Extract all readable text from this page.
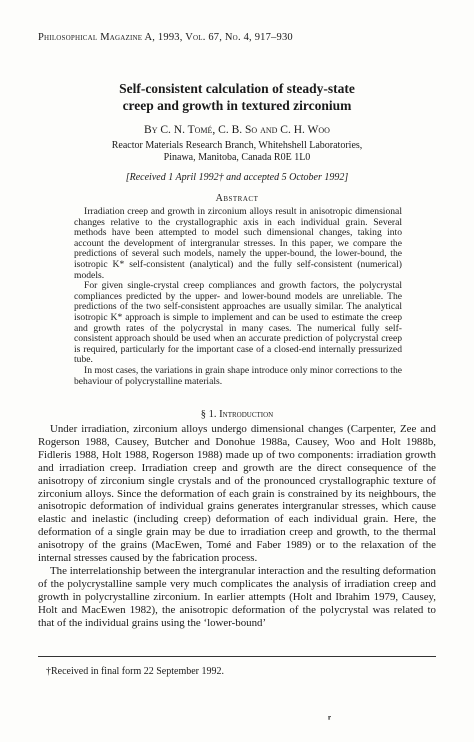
Philosophical Magazine A, 1993, Vol. 67, No. 4, 917–930
Self-consistent calculation of steady-state
creep and growth in textured zirconium
By C. N. Tomé, C. B. So and C. H. Woo
Reactor Materials Research Branch, Whitehshell Laboratories,
Pinawa, Manitoba, Canada R0E 1L0
[Received 1 April 1992† and accepted 5 October 1992]
Abstract

Irradiation creep and growth in zirconium alloys result in anisotropic dimensional changes relative to the crystallographic axis in each individual grain. Several methods have been attempted to model such dimensional changes, taking into account the development of intergranular stresses. In this paper, we compare the predictions of several such models, namely the upper-bound, the lower-bound, the isotropic K* self-consistent (analytical) and the fully self-consistent (numerical) models.

For given single-crystal creep compliances and growth factors, the polycrystal compliances predicted by the upper- and lower-bound models are unreliable. The predictions of the two self-consistent approaches are usually similar. The analytical isotropic K* approach is simple to implement and can be used to estimate the creep and growth rates of the polycrystal in many cases. The numerical fully self-consistent approach should be used when an accurate prediction of polycrystal creep is required, particularly for the important case of a closed-end internally pressurized tube.

In most cases, the variations in grain shape introduce only minor corrections to the behaviour of polycrystalline materials.

§ 1. Introduction

Under irradiation, zirconium alloys undergo dimensional changes (Carpenter, Zee and Rogerson 1988, Causey, Butcher and Donohue 1988a, Causey, Woo and Holt 1988b, Fidleris 1988, Holt 1988, Rogerson 1988) made up of two components: irradiation growth and irradiation creep. Irradiation creep and growth are the direct consequence of the anisotropy of zirconium single crystals and of the pronounced crystallographic texture of zirconium alloys. Since the deformation of each grain is constrained by its neighbours, the anisotropic deformation of individual grains generates intergranular stresses, which cause elastic and inelastic (including creep) deformation of each individual grain. Here, the deformation of a single grain may be due to irradiation creep and growth, to the thermal anisotropy of the grains (MacEwen, Tomé and Faber 1989) or to the relaxation of the internal stresses caused by the fabrication process.

The interrelationship between the intergranular interaction and the resulting deformation of the polycrystalline sample very much complicates the analysis of irradiation creep and growth in polycrystalline zirconium. In earlier attempts (Holt and Ibrahim 1979, Causey, Holt and MacEwen 1982), the anisotropic deformation of the polycrystal was related to that of the individual grains using the ‘lower-bound’

†Received in final form 22 September 1992.
ʳ
